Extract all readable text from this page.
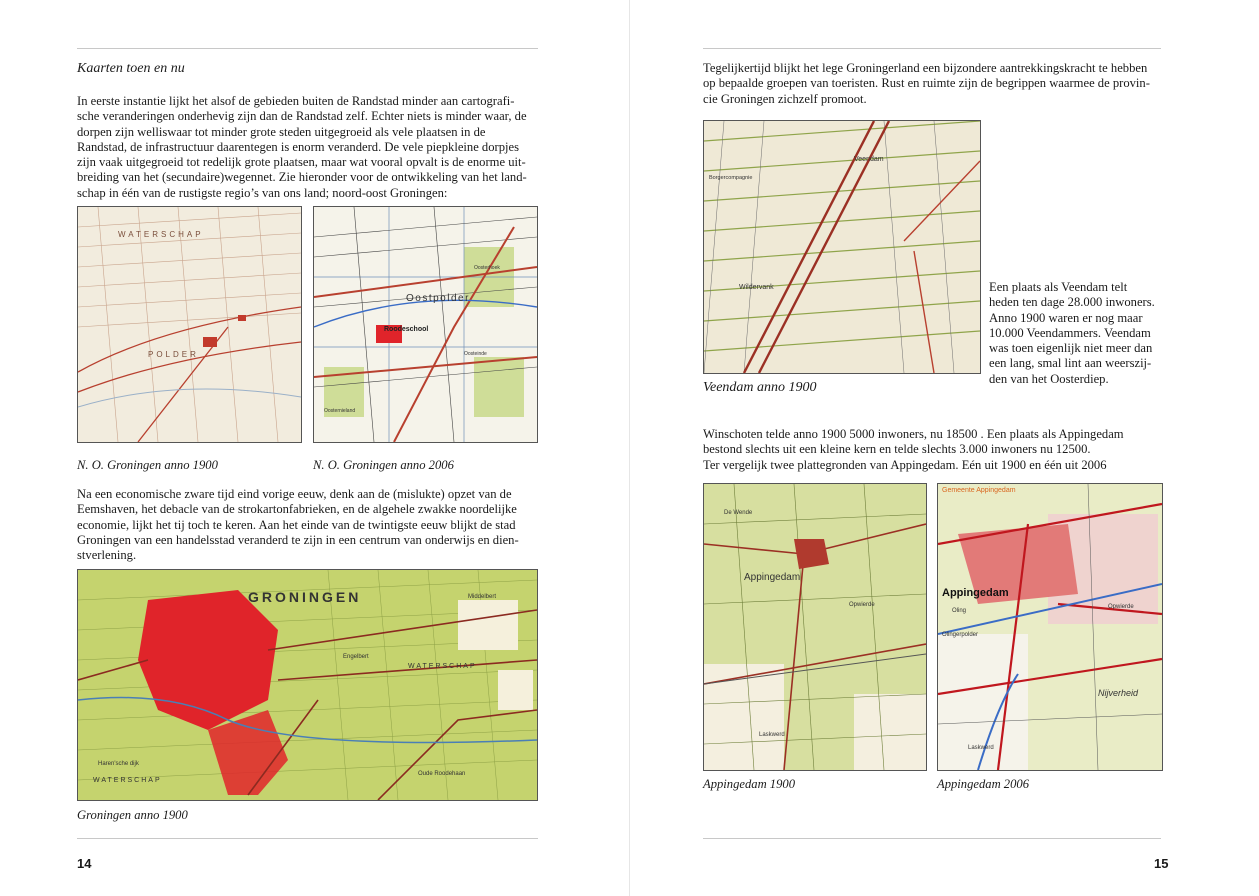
Kaarten toen en nu
In eerste instantie lijkt het alsof de gebieden buiten de Randstad minder aan cartografi-
sche veranderingen onderhevig zijn dan de Randstad zelf. Echter niets is minder waar, de
dorpen zijn welliswaar tot minder grote steden uitgegroeid als vele plaatsen in de
Randstad, de infrastructuur daarentegen is enorm veranderd. De vele piepkleine dorpjes
zijn vaak uitgegroeid tot redelijk grote plaatsen, maar wat vooral opvalt is de enorme uit-
breiding van het (secundaire)wegennet. Zie hieronder voor de ontwikkeling van het land-
schap in één van de rustigste regio’s van ons land; noord-oost Groningen:
WATERSCHAP
POLDER
Oostpolder
Roodeschool
Oosterhoek
Oosteinde
Oosternieland
N. O. Groningen anno 1900	N. O. Groningen anno 2006
Na een economische zware tijd eind vorige eeuw, denk aan de (mislukte) opzet van de
Eemshaven, het debacle van de strokartonfabrieken, en de algehele zwakke noordelijke
economie, lijkt het tij toch te keren. Aan het einde van de twintigste eeuw blijkt de stad
Groningen van een handelsstad veranderd te zijn in een centrum van onderwijs en dien-
stverlening.
GRONINGEN
WATERSCHAP
WATERSCHAP
Middelbert
Engelbert
Haren'sche dijk
Oude Roodehaan
Groningen anno 1900
14
Tegelijkertijd blijkt het lege Groningerland een bijzondere aantrekkingskracht te hebben
op bepaalde groepen van toeristen. Rust en ruimte zijn de begrippen waarmee de provin-
cie Groningen zichzelf promoot.
Wildervank
Veendam
Borgercompagnie
Een plaats als Veendam telt
heden ten dage 28.000 inwoners.
Anno 1900 waren er nog maar
10.000 Veendammers. Veendam
was toen eigenlijk niet meer dan
een lang, smal lint aan weerszij-
den van het Oosterdiep.
Veendam anno 1900
Winschoten telde anno 1900 5000 inwoners, nu 18500 . Een plaats als Appingedam
bestond slechts uit een kleine kern en telde slechts 3.000 inwoners nu 12500.
Ter vergelijk twee plattegronden van Appingedam. Eén uit 1900 en één uit 2006
Appingedam
Opwierde
Laskwerd
De Wende
Gemeente Appingedam
Appingedam
Opwierde
Oling
Olingerpolder
Nijverheid
Laskwerd
Appingedam 1900	Appingedam 2006
15
